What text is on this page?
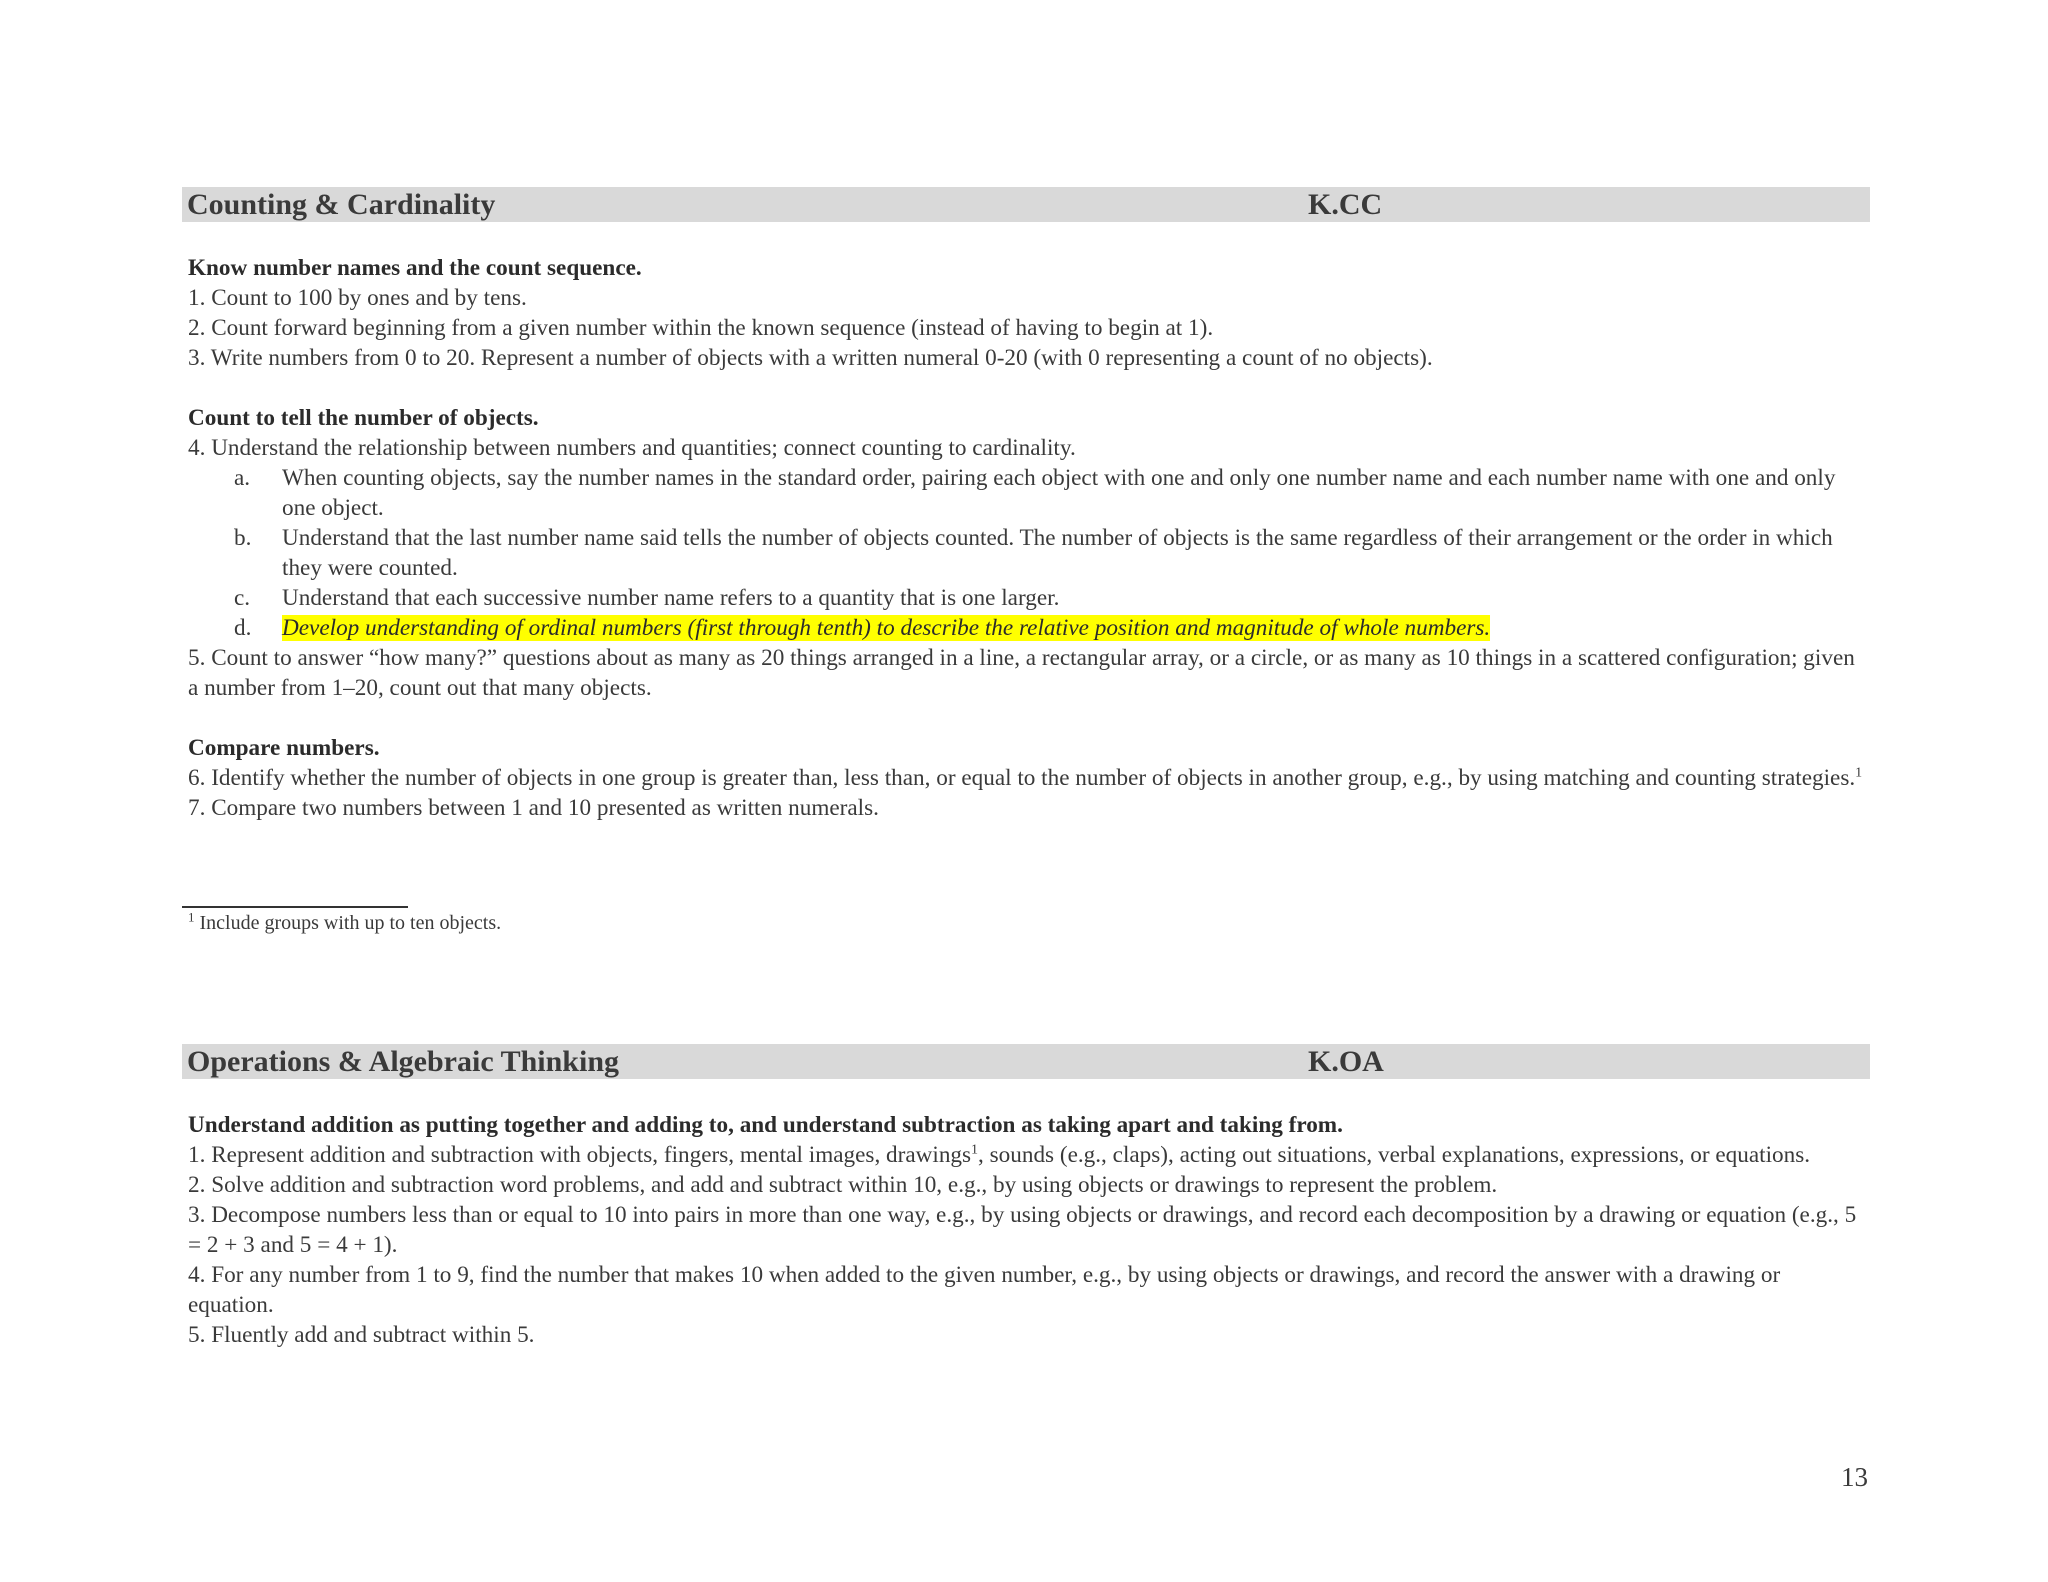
Counting & Cardinality	K.CC
Know number names and the count sequence.
1. Count to 100 by ones and by tens.
2. Count forward beginning from a given number within the known sequence (instead of having to begin at 1).
3. Write numbers from 0 to 20. Represent a number of objects with a written numeral 0-20 (with 0 representing a count of no objects).
Count to tell the number of objects.
4. Understand the relationship between numbers and quantities; connect counting to cardinality.
a. When counting objects, say the number names in the standard order, pairing each object with one and only one number name and each number name with one and only one object.
b. Understand that the last number name said tells the number of objects counted. The number of objects is the same regardless of their arrangement or the order in which they were counted.
c. Understand that each successive number name refers to a quantity that is one larger.
d. Develop understanding of ordinal numbers (first through tenth) to describe the relative position and magnitude of whole numbers.
5. Count to answer “how many?” questions about as many as 20 things arranged in a line, a rectangular array, or a circle, or as many as 10 things in a scattered configuration; given a number from 1–20, count out that many objects.
Compare numbers.
6. Identify whether the number of objects in one group is greater than, less than, or equal to the number of objects in another group, e.g., by using matching and counting strategies.$^1$
7. Compare two numbers between 1 and 10 presented as written numerals.
$^1$ Include groups with up to ten objects.
Operations & Algebraic Thinking	K.OA
Understand addition as putting together and adding to, and understand subtraction as taking apart and taking from.
1. Represent addition and subtraction with objects, fingers, mental images, drawings$^1$, sounds (e.g., claps), acting out situations, verbal explanations, expressions, or equations.
2. Solve addition and subtraction word problems, and add and subtract within 10, e.g., by using objects or drawings to represent the problem.
3. Decompose numbers less than or equal to 10 into pairs in more than one way, e.g., by using objects or drawings, and record each decomposition by a drawing or equation (e.g., 5 = 2 + 3 and 5 = 4 + 1).
4. For any number from 1 to 9, find the number that makes 10 when added to the given number, e.g., by using objects or drawings, and record the answer with a drawing or equation.
5. Fluently add and subtract within 5.
13
